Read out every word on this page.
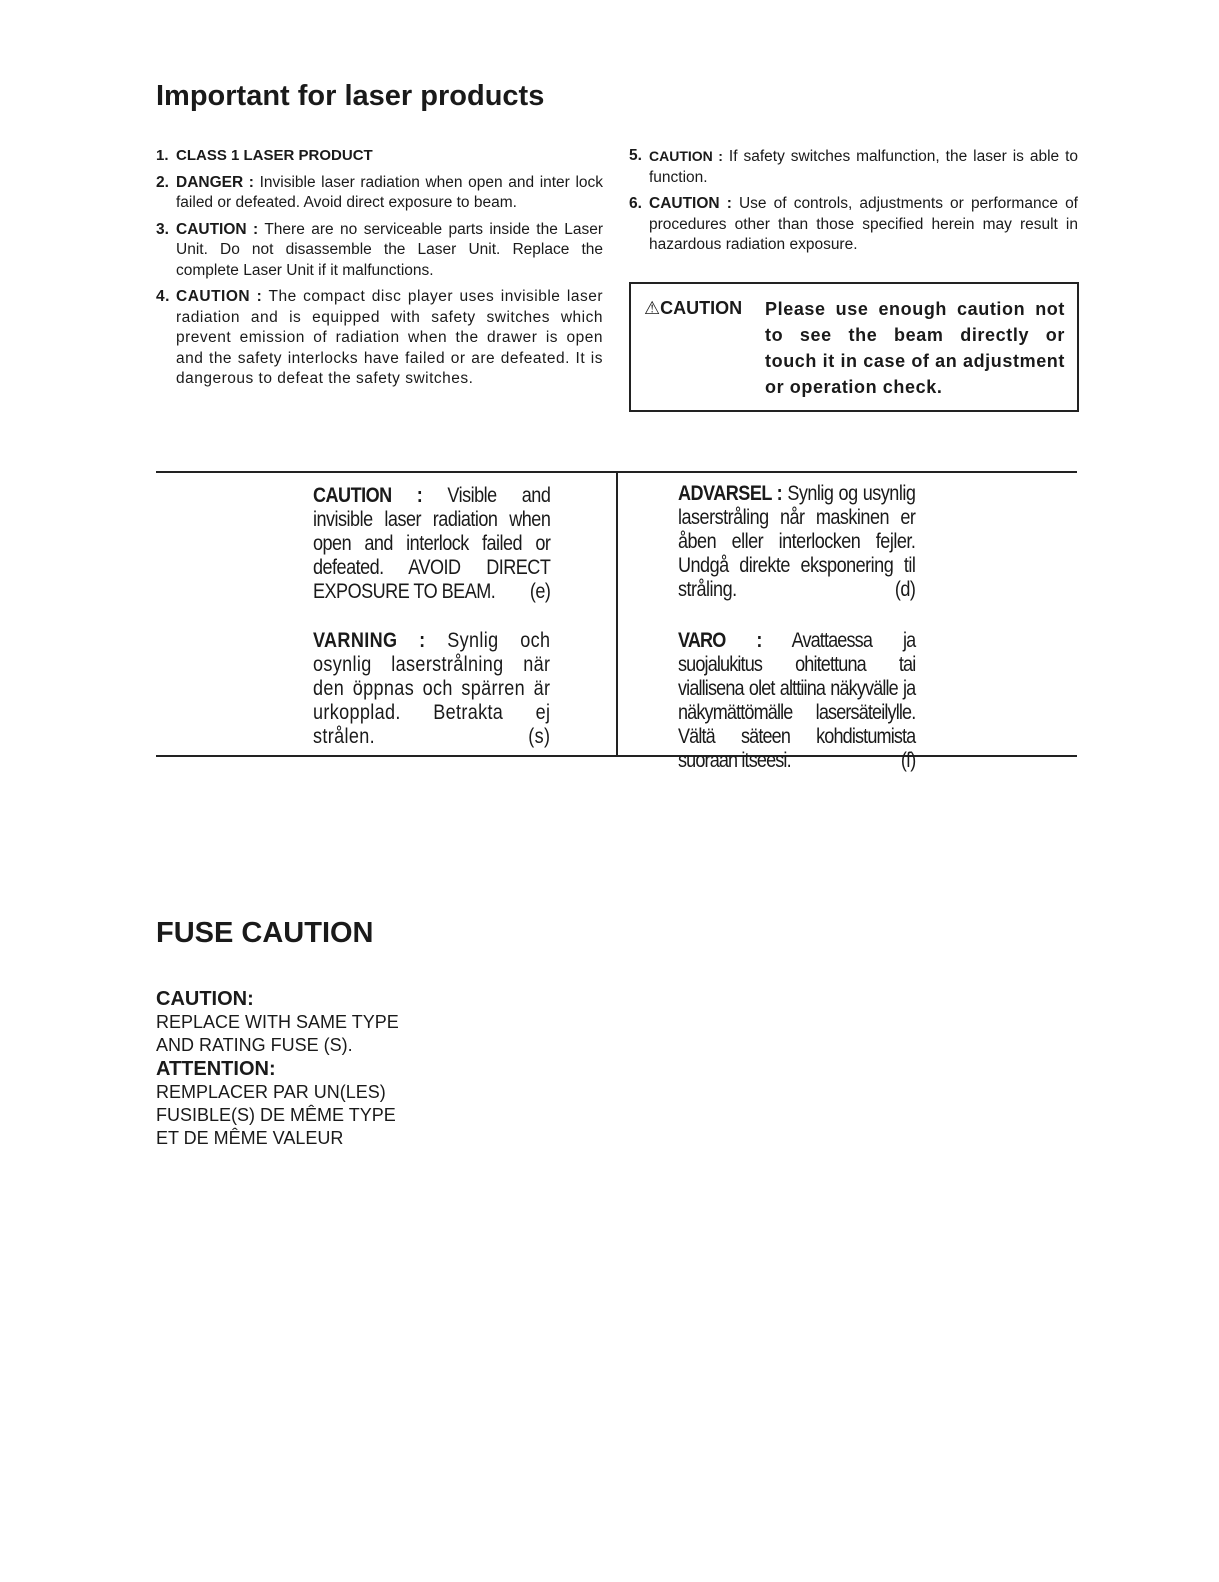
Important for laser products
1. CLASS 1 LASER PRODUCT
2. DANGER : Invisible laser radiation when open and inter lock failed or defeated. Avoid direct exposure to beam.
3. CAUTION : There are no serviceable parts inside the Laser Unit. Do not disassemble the Laser Unit. Replace the complete Laser Unit if it malfunctions.
4. CAUTION : The compact disc player uses invisible laser radiation and is equipped with safety switches which prevent emission of radiation when the drawer is open and the safety interlocks have failed or are defeated. It is dangerous to defeat the safety switches.
5. CAUTION : If safety switches malfunction, the laser is able to function.
6. CAUTION : Use of controls, adjustments or performance of procedures other than those specified herein may result in hazardous radiation exposure.
⚠CAUTION Please use enough caution not to see the beam directly or touch it in case of an adjustment or operation check.
CAUTION : Visible and invisible laser radiation when open and interlock failed or defeated. AVOID DIRECT EXPOSURE TO BEAM. (e)
VARNING : Synlig och osynlig laserstrålning när den öppnas och spärren är urkopplad. Betrakta ej strålen.	(s)
ADVARSEL : Synlig og usynlig laserstråling når maskinen er åben eller interlocken fejler. Undgå direkte eksponering til stråling.	(d)
VARO : Avattaessa ja suojalukitus ohitettuna tai viallisena olet alttiina näkyvälle ja näkymättömälle lasersäteilylle. Vältä säteen kohdistumista suoraan itseesi.	(f)
FUSE CAUTION
CAUTION:
REPLACE WITH SAME TYPE
AND RATING FUSE (S).
ATTENTION:
REMPLACER PAR UN(LES)
FUSIBLE(S) DE MÊME TYPE
ET DE MÊME VALEUR
